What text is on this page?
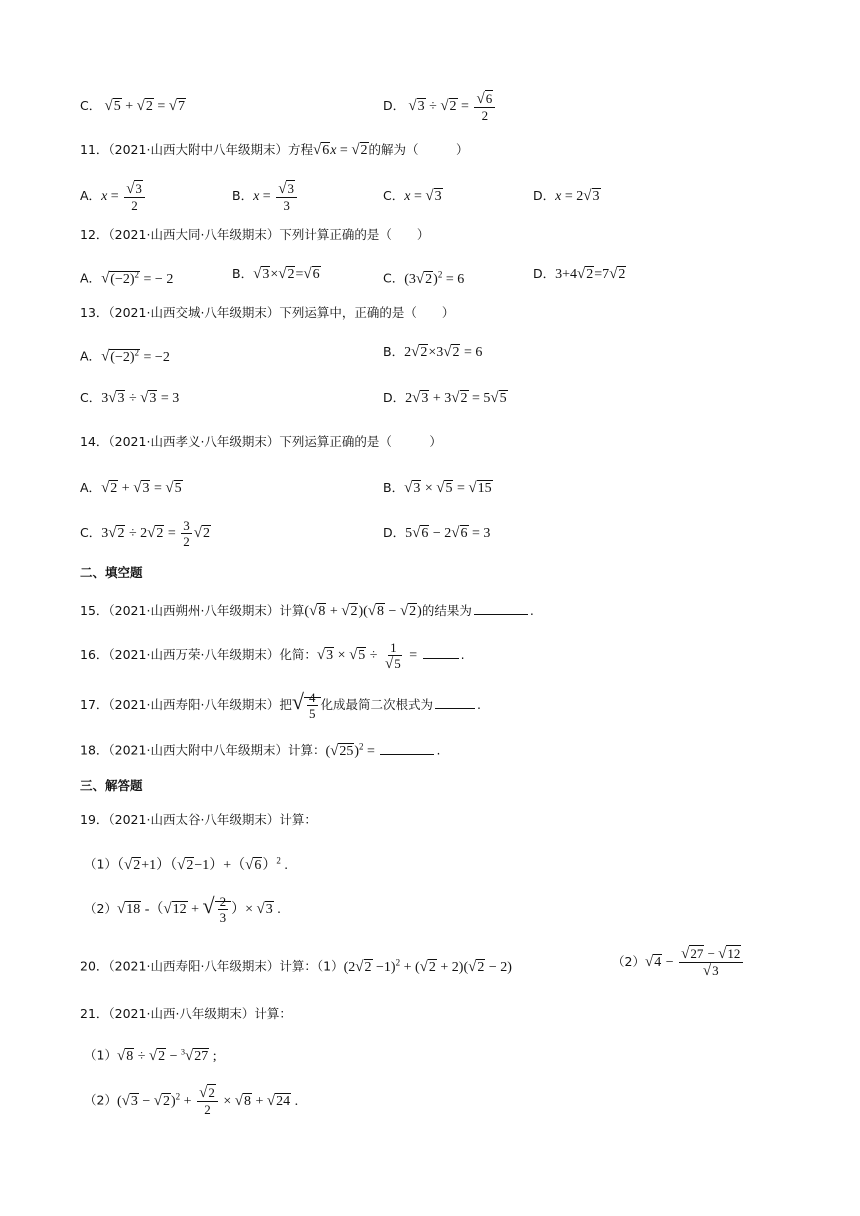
C． √5 + √2 = √7	D． $√3 \div √2 = \frac{√6}{2}$
11．（2021·山西大附中八年级期末）方程√6x = √2的解为（　　　）
A．$x = \frac{√3}{2}$	B．$x = \frac{√3}{3}$	C．x = √3	D．x = 2√3
12．（2021·山西大同·八年级期末）下列计算正确的是（　　）
A．$√(-2)^2$ = − 2	B．√3×√2=√6	C．$(3√2)^2 = 6$	D．3+4√2=7√2
13．（2021·山西交城·八年级期末）下列运算中，正确的是（　　）
A．$√(-2)^2 = -2$	B．2√2×3√2 = 6
C．3√3 ÷ √3 = 3	D．2√3 + 3√2 = 5√5
14．（2021·山西孝义·八年级期末）下列运算正确的是（　　　）
A．√2 + √3 = √5	B．√3 × √5 = √15
C．$3√2 \div 2√2 = \frac{3}{2} √2$	D．5√6 − 2√6 = 3
二、填空题
15．（2021·山西朔州·八年级期末）计算(√8 + √2)(√8 − √2)的结果为	.
16．（2021·山西万荣·八年级期末）化简：$√3 \times √5 \div \frac{1}{√5}$ =	.
17．（2021·山西寿阳·八年级期末）把√ $\frac{4}{5}$ 化成最简二次根式为	.
18．（2021·山西大附中八年级期末）计算：$(√25)^2$ =	.
三、解答题
19．（2021·山西太谷·八年级期末）计算：
$(1)(√2+1)(√2-1)+(√6)^2$ .
（2）√18 -（√12 + √ $\frac{2}{3}$ ）× √3 .
20．（2021·山西寿阳·八年级期末）计算：$(1)(2√2 -1)^2 + (√2 + 2)(√2 - 2)$	$(2)√4 - \frac{√27 - √12}{√3}$
21．（2021·山西·八年级期末）计算：
（1）√8 ÷ √2 − $^3$√27 ;
$(2)(√3 - √2)^2 + \frac{√2}{2} \times √8 + √24$ .
